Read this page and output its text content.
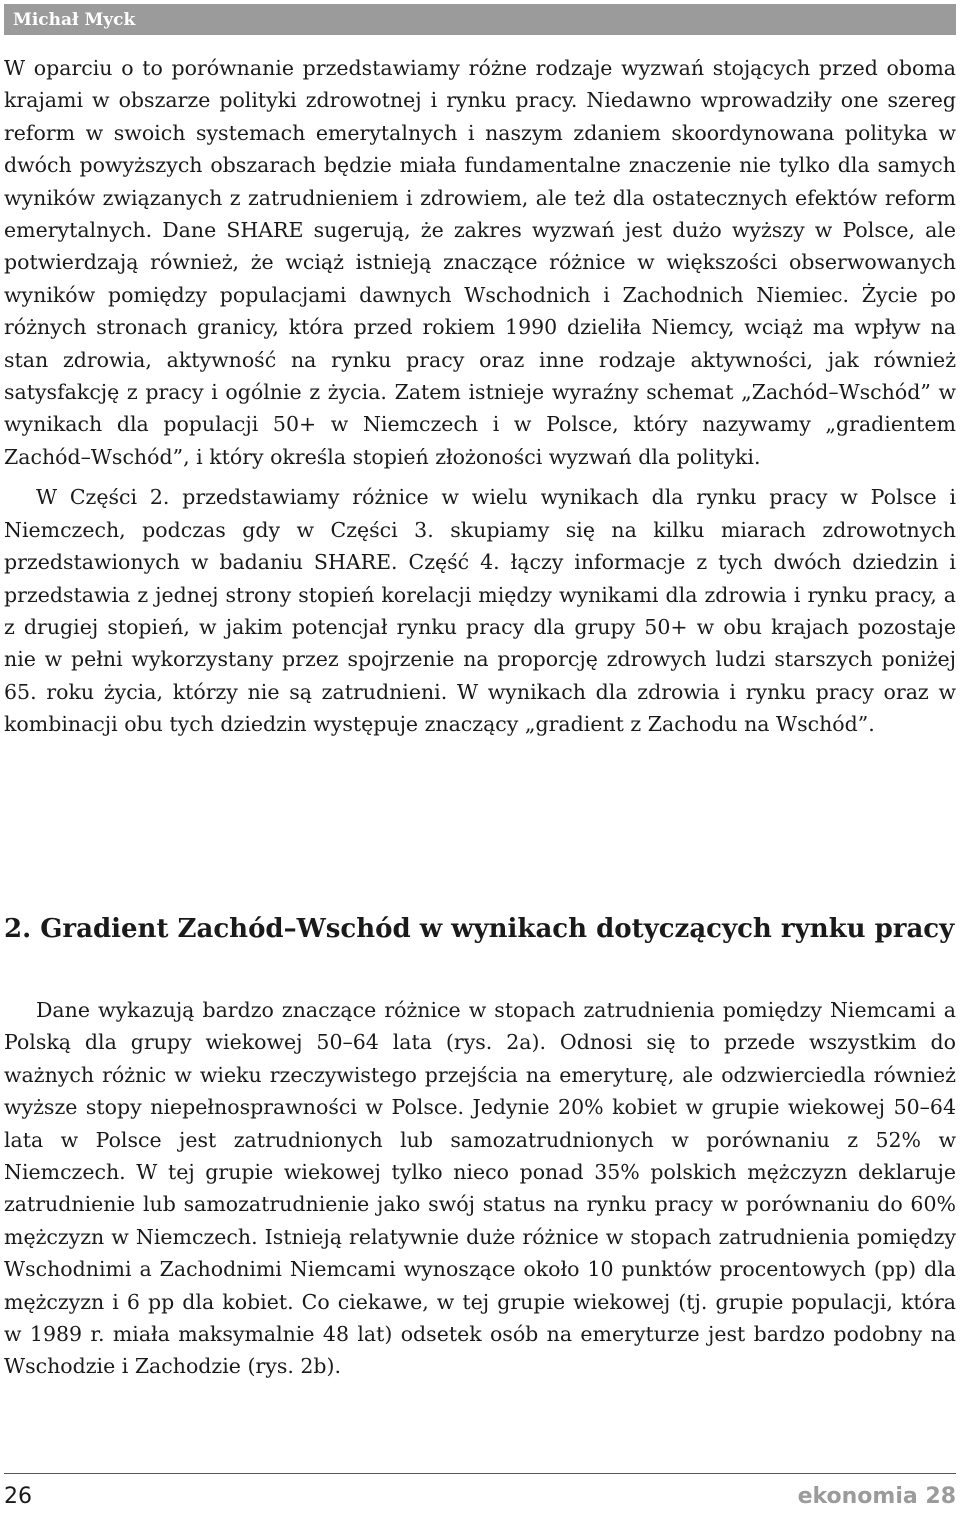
Michał Myck

W oparciu o to porównanie przedstawiamy różne rodzaje wyzwań stojących przed oboma krajami w obszarze polityki zdrowotnej i rynku pracy. Niedawno wprowadziły one szereg reform w swoich systemach emerytalnych i naszym zdaniem skoordynowana polityka w dwóch powyższych obszarach będzie miała fundamentalne znaczenie nie tylko dla samych wyników związanych z zatrudnieniem i zdrowiem, ale też dla ostatecznych efektów reform emerytalnych. Dane SHARE sugerują, że zakres wyzwań jest dużo wyższy w Polsce, ale potwierdzają również, że wciąż istnieją znaczące różnice w większości obserwowanych wyników pomiędzy populacjami dawnych Wschodnich i Zachodnich Niemiec. Życie po różnych stronach granicy, która przed rokiem 1990 dzieliła Niemcy, wciąż ma wpływ na stan zdrowia, aktywność na rynku pracy oraz inne rodzaje aktywności, jak również satysfakcję z pracy i ogólnie z życia. Zatem istnieje wyraźny schemat „Zachód–Wschód” w wynikach dla populacji 50+ w Niemczech i w Polsce, który nazywamy „gradientem Zachód–Wschód”, i który określa stopień złożoności wyzwań dla polityki.

W Części 2. przedstawiamy różnice w wielu wynikach dla rynku pracy w Polsce i Niemczech, podczas gdy w Części 3. skupiamy się na kilku miarach zdrowotnych przedstawionych w badaniu SHARE. Część 4. łączy informacje z tych dwóch dziedzin i przedstawia z jednej strony stopień korelacji między wynikami dla zdrowia i rynku pracy, a z drugiej stopień, w jakim potencjał rynku pracy dla grupy 50+ w obu krajach pozostaje nie w pełni wykorzystany przez spojrzenie na proporcję zdrowych ludzi starszych poniżej 65. roku życia, którzy nie są zatrudnieni. W wynikach dla zdrowia i rynku pracy oraz w kombinacji obu tych dziedzin występuje znaczący „gradient z Zachodu na Wschód”.

2. Gradient Zachód–Wschód w wynikach dotyczących rynku pracy

Dane wykazują bardzo znaczące różnice w stopach zatrudnienia pomiędzy Niemcami a Polską dla grupy wiekowej 50–64 lata (rys. 2a). Odnosi się to przede wszystkim do ważnych różnic w wieku rzeczywistego przejścia na emeryturę, ale odzwierciedla również wyższe stopy niepełnosprawności w Polsce. Jedynie 20% kobiet w grupie wiekowej 50–64 lata w Polsce jest zatrudnionych lub samozatrudnionych w porównaniu z 52% w Niemczech. W tej grupie wiekowej tylko nieco ponad 35% polskich mężczyzn deklaruje zatrudnienie lub samozatrudnienie jako swój status na rynku pracy w porównaniu do 60% mężczyzn w Niemczech. Istnieją relatywnie duże różnice w stopach zatrudnienia pomiędzy Wschodnimi a Zachodnimi Niemcami wynoszące około 10 punktów procentowych (pp) dla mężczyzn i 6 pp dla kobiet. Co ciekawe, w tej grupie wiekowej (tj. grupie populacji, która w 1989 r. miała maksymalnie 48 lat) odsetek osób na emeryturze jest bardzo podobny na Wschodzie i Zachodzie (rys. 2b).

26	ekonomia 28
